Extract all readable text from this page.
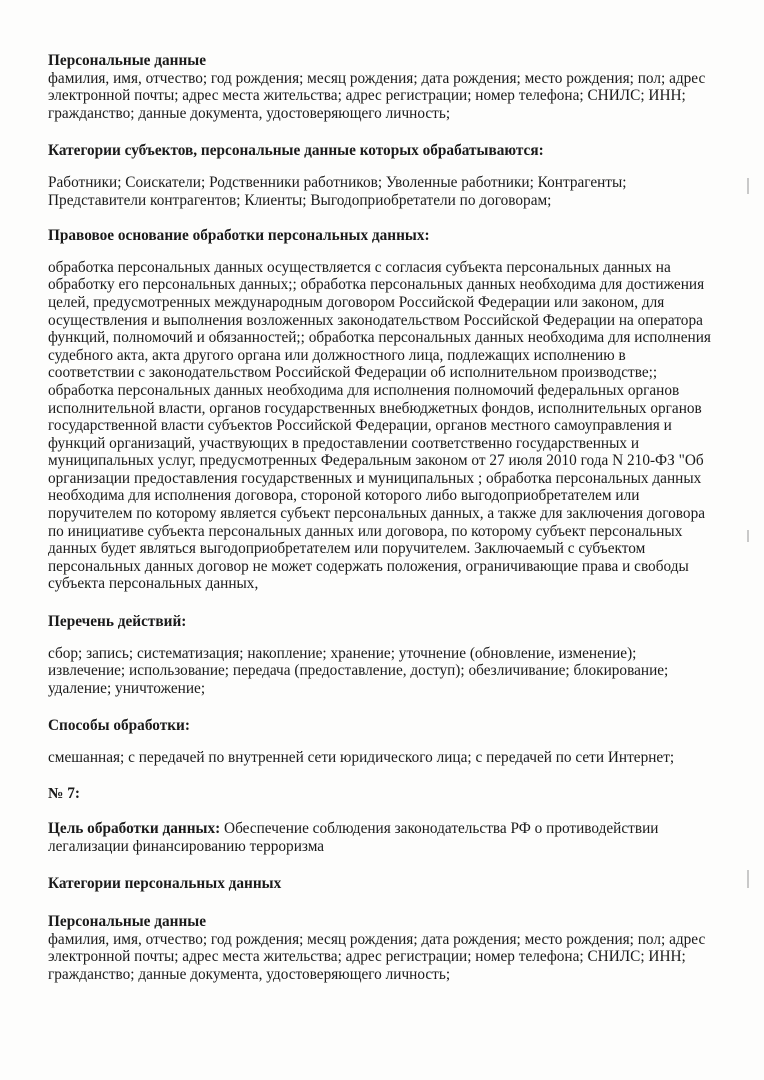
Персональные данные
фамилия, имя, отчество; год рождения; месяц рождения; дата рождения; место рождения; пол; адрес
электронной почты; адрес места жительства; адрес регистрации; номер телефона; СНИЛС; ИНН;
гражданство; данные документа, удостоверяющего личность;
Категории субъектов, персональные данные которых обрабатываются:
Работники; Соискатели; Родственники работников; Уволенные работники; Контрагенты;
Представители контрагентов; Клиенты; Выгодоприобретатели по договорам;
Правовое основание обработки персональных данных:
обработка персональных данных осуществляется с согласия субъекта персональных данных на
обработку его персональных данных;; обработка персональных данных необходима для достижения
целей, предусмотренных международным договором Российской Федерации или законом, для
осуществления и выполнения возложенных законодательством Российской Федерации на оператора
функций, полномочий и обязанностей;; обработка персональных данных необходима для исполнения
судебного акта, акта другого органа или должностного лица, подлежащих исполнению в
соответствии с законодательством Российской Федерации об исполнительном производстве;;
обработка персональных данных необходима для исполнения полномочий федеральных органов
исполнительной власти, органов государственных внебюджетных фондов, исполнительных органов
государственной власти субъектов Российской Федерации, органов местного самоуправления и
функций организаций, участвующих в предоставлении соответственно государственных и
муниципальных услуг, предусмотренных Федеральным законом от 27 июля 2010 года N 210-ФЗ "Об
организации предоставления государственных и муниципальных ; обработка персональных данных
необходима для исполнения договора, стороной которого либо выгодоприобретателем или
поручителем по которому является субъект персональных данных, а также для заключения договора
по инициативе субъекта персональных данных или договора, по которому субъект персональных
данных будет являться выгодоприобретателем или поручителем. Заключаемый с субъектом
персональных данных договор не может содержать положения, ограничивающие права и свободы
субъекта персональных данных,
Перечень действий:
сбор; запись; систематизация; накопление; хранение; уточнение (обновление, изменение);
извлечение; использование; передача (предоставление, доступ); обезличивание; блокирование;
удаление; уничтожение;
Способы обработки:
смешанная; с передачей по внутренней сети юридического лица; с передачей по сети Интернет;
№ 7:
Цель обработки данных: Обеспечение соблюдения законодательства РФ о противодействии
легализации финансированию терроризма
Категории персональных данных
Персональные данные
фамилия, имя, отчество; год рождения; месяц рождения; дата рождения; место рождения; пол; адрес
электронной почты; адрес места жительства; адрес регистрации; номер телефона; СНИЛС; ИНН;
гражданство; данные документа, удостоверяющего личность;
